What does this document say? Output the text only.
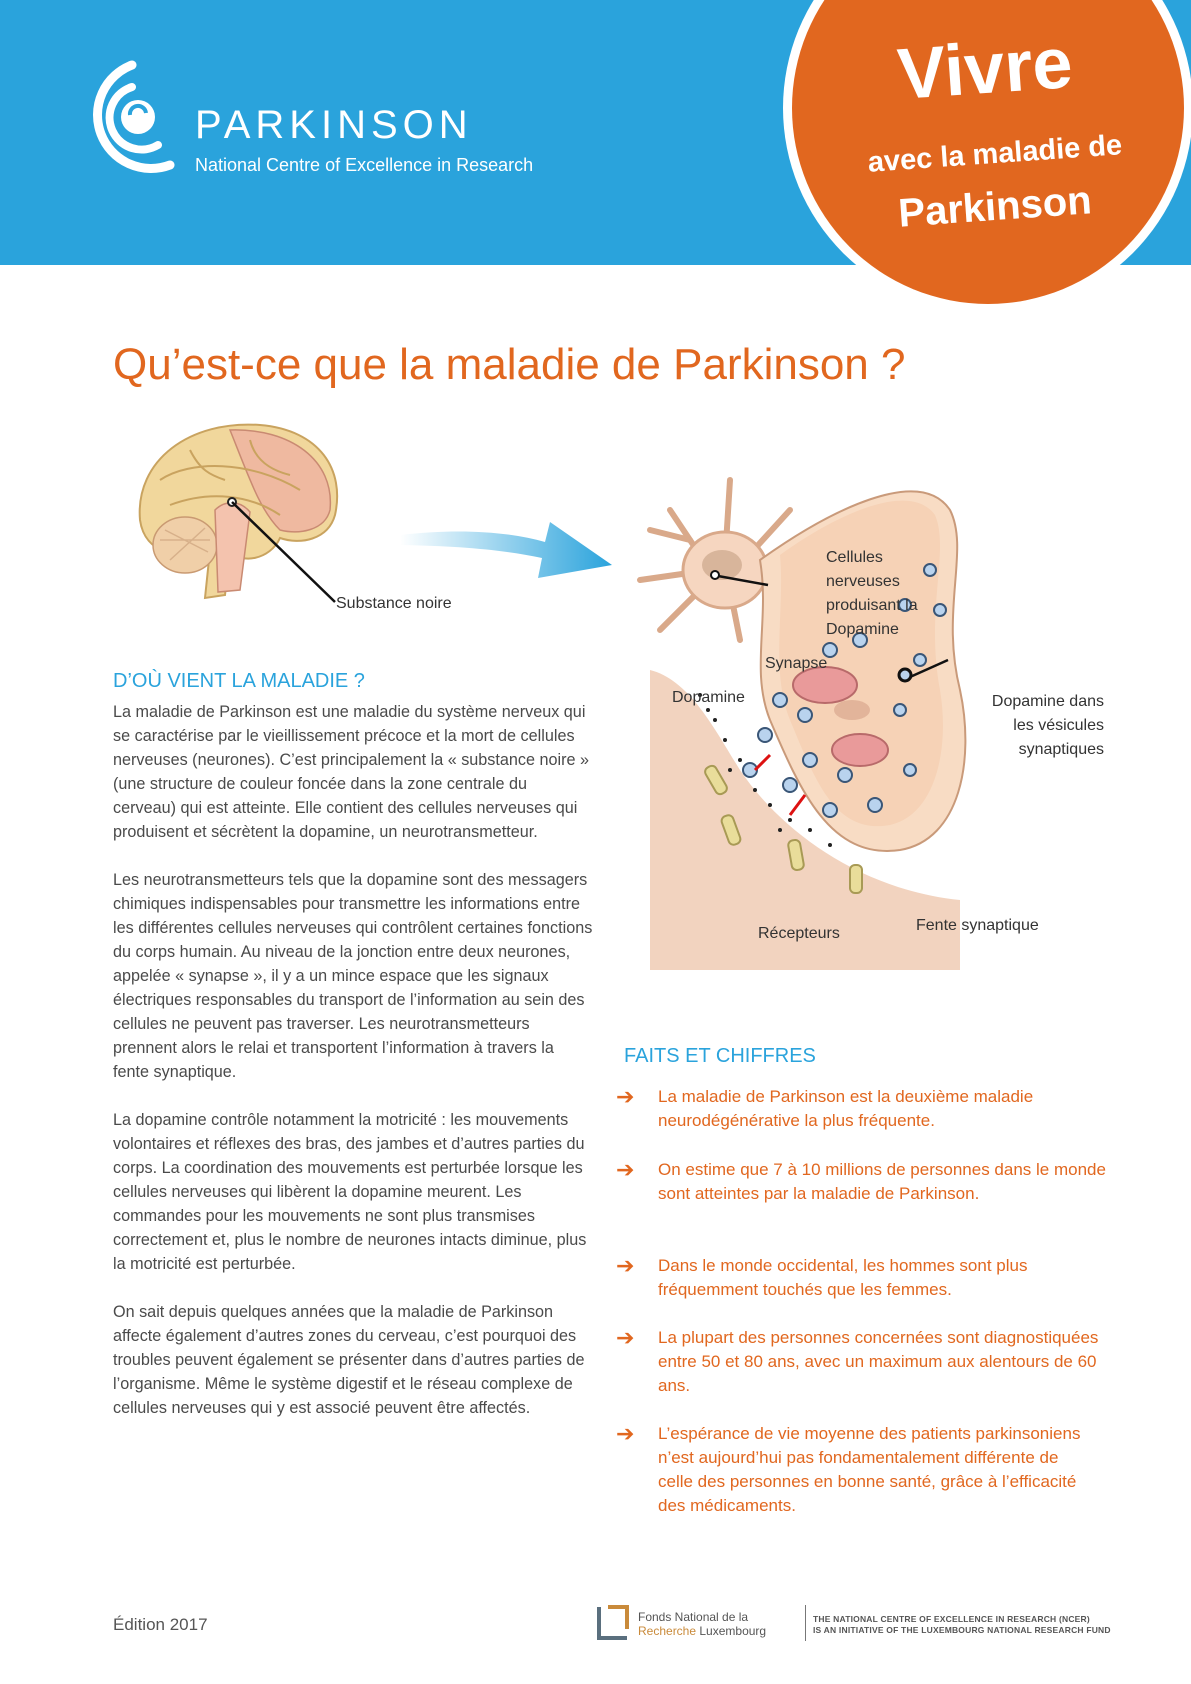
PARKINSON
National Centre of Excellence in Research
Vivre
avec la maladie de
Parkinson
Qu’est-ce que la maladie de Parkinson ?
Substance noire
Cellules nerveuses produisant la Dopamine
Synapse
Dopamine	Dopamine dans les vésicules synaptiques
Récepteurs	Fente synaptique
D’OÙ VIENT LA MALADIE ?

La maladie de Parkinson est une maladie du système nerveux qui se caractérise par le vieillissement précoce et la mort de cellules nerveuses (neurones). C’est principalement la « substance noire » (une structure de couleur foncée dans la zone centrale du cerveau) qui est atteinte. Elle contient des cellules nerveuses qui produisent et sécrètent la dopamine, un neurotransmetteur.

Les neurotransmetteurs tels que la dopamine sont des messagers chimiques indispensables pour transmettre les informations entre les différentes cellules nerveuses qui contrôlent certaines fonctions du corps humain. Au niveau de la jonction entre deux neurones, appelée « synapse », il y a un mince espace que les signaux électriques responsables du transport de l’information au sein des cellules ne peuvent pas traverser. Les neurotransmetteurs prennent alors le relai et transportent l’information à travers la fente synaptique.

La dopamine contrôle notamment la motricité : les mouvements volontaires et réflexes des bras, des jambes et d’autres parties du corps. La coordination des mouvements est perturbée lorsque les cellules nerveuses qui libèrent la dopamine meurent. Les commandes pour les mouvements ne sont plus transmises correctement et, plus le nombre de neurones intacts diminue, plus la motricité est perturbée.

On sait depuis quelques années que la maladie de Parkinson affecte également d’autres zones du cerveau, c’est pourquoi des troubles peuvent également se présenter dans d’autres parties de l’organisme. Même le système digestif et le réseau complexe de cellules nerveuses qui y est associé peuvent être affectés.

FAITS ET CHIFFRES
➔ La maladie de Parkinson est la deuxième maladie neurodégénérative la plus fréquente.
➔ On estime que 7 à 10 millions de personnes dans le monde sont atteintes par la maladie de Parkinson.
➔ Dans le monde occidental, les hommes sont plus fréquemment touchés que les femmes.
➔ La plupart des personnes concernées sont diagnostiquées entre 50 et 80 ans, avec un maximum aux alentours de 60 ans.
➔ L’espérance de vie moyenne des patients parkinsoniens n’est aujourd’hui pas fondamentalement différente de celle des personnes en bonne santé, grâce à l’efficacité des médicaments.
Édition 2017	Fonds National de la
Recherche Luxembourg
THE NATIONAL CENTRE OF EXCELLENCE IN RESEARCH (NCER)
IS AN INITIATIVE OF THE LUXEMBOURG NATIONAL RESEARCH FUND
